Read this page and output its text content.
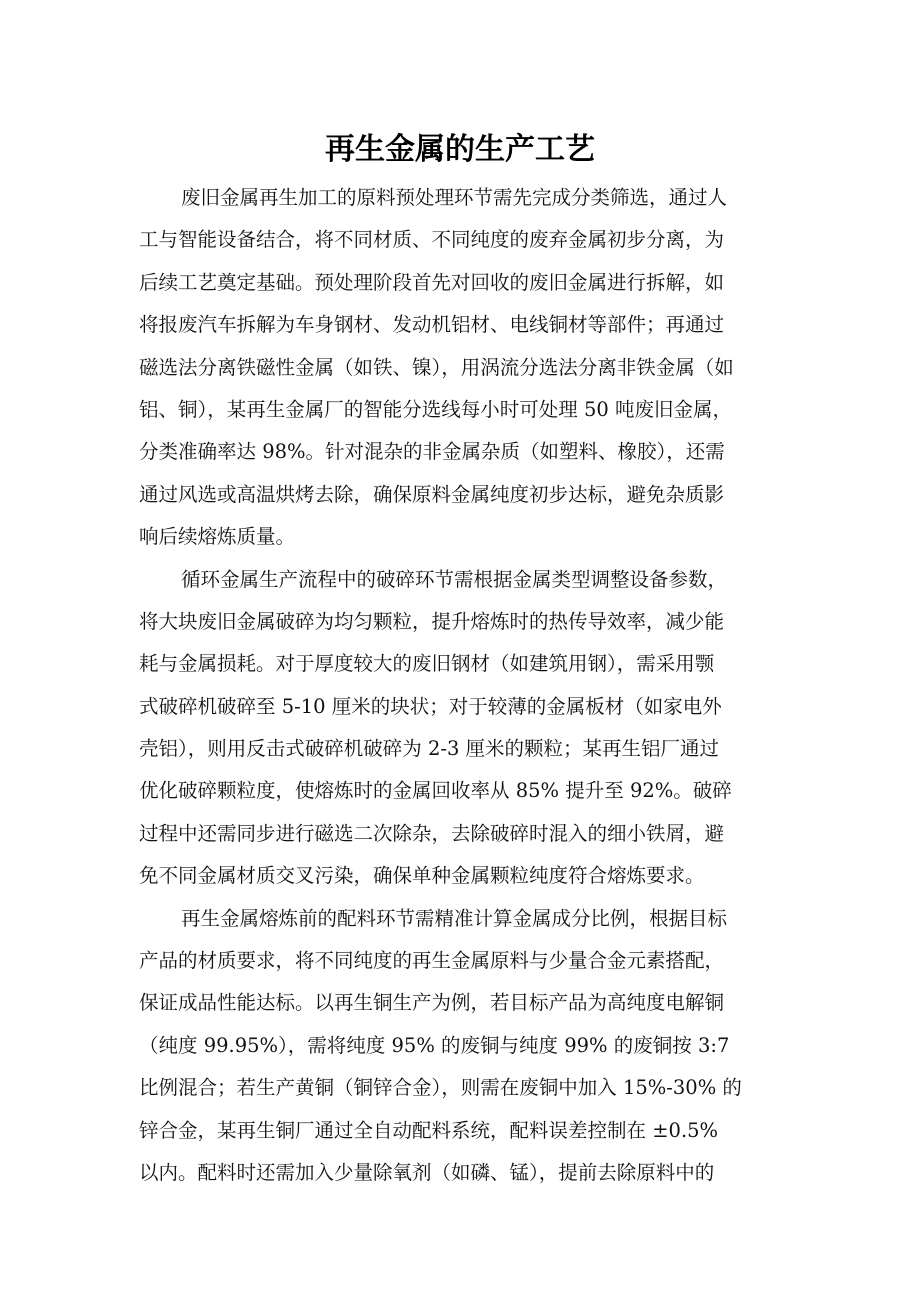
再生金属的生产工艺

废旧金属再生加工的原料预处理环节需先完成分类筛选，通过人
工与智能设备结合，将不同材质、不同纯度的废弃金属初步分离，为
后续工艺奠定基础。预处理阶段首先对回收的废旧金属进行拆解，如
将报废汽车拆解为车身钢材、发动机铝材、电线铜材等部件；再通过
磁选法分离铁磁性金属（如铁、镍），用涡流分选法分离非铁金属（如
铝、铜），某再生金属厂的智能分选线每小时可处理 50 吨废旧金属，
分类准确率达 98%。针对混杂的非金属杂质（如塑料、橡胶），还需
通过风选或高温烘烤去除，确保原料金属纯度初步达标，避免杂质影
响后续熔炼质量。

循环金属生产流程中的破碎环节需根据金属类型调整设备参数，
将大块废旧金属破碎为均匀颗粒，提升熔炼时的热传导效率，减少能
耗与金属损耗。对于厚度较大的废旧钢材（如建筑用钢），需采用颚
式破碎机破碎至 5-10 厘米的块状；对于较薄的金属板材（如家电外
壳铝），则用反击式破碎机破碎为 2-3 厘米的颗粒；某再生铝厂通过
优化破碎颗粒度，使熔炼时的金属回收率从 85% 提升至 92%。破碎
过程中还需同步进行磁选二次除杂，去除破碎时混入的细小铁屑，避
免不同金属材质交叉污染，确保单种金属颗粒纯度符合熔炼要求。

再生金属熔炼前的配料环节需精准计算金属成分比例，根据目标
产品的材质要求，将不同纯度的再生金属原料与少量合金元素搭配，
保证成品性能达标。以再生铜生产为例，若目标产品为高纯度电解铜
（纯度 99.95%），需将纯度 95% 的废铜与纯度 99% 的废铜按 3:7
比例混合；若生产黄铜（铜锌合金），则需在废铜中加入 15%-30% 的
锌合金，某再生铜厂通过全自动配料系统，配料误差控制在 ±0.5%
以内。配料时还需加入少量除氧剂（如磷、锰），提前去除原料中的
